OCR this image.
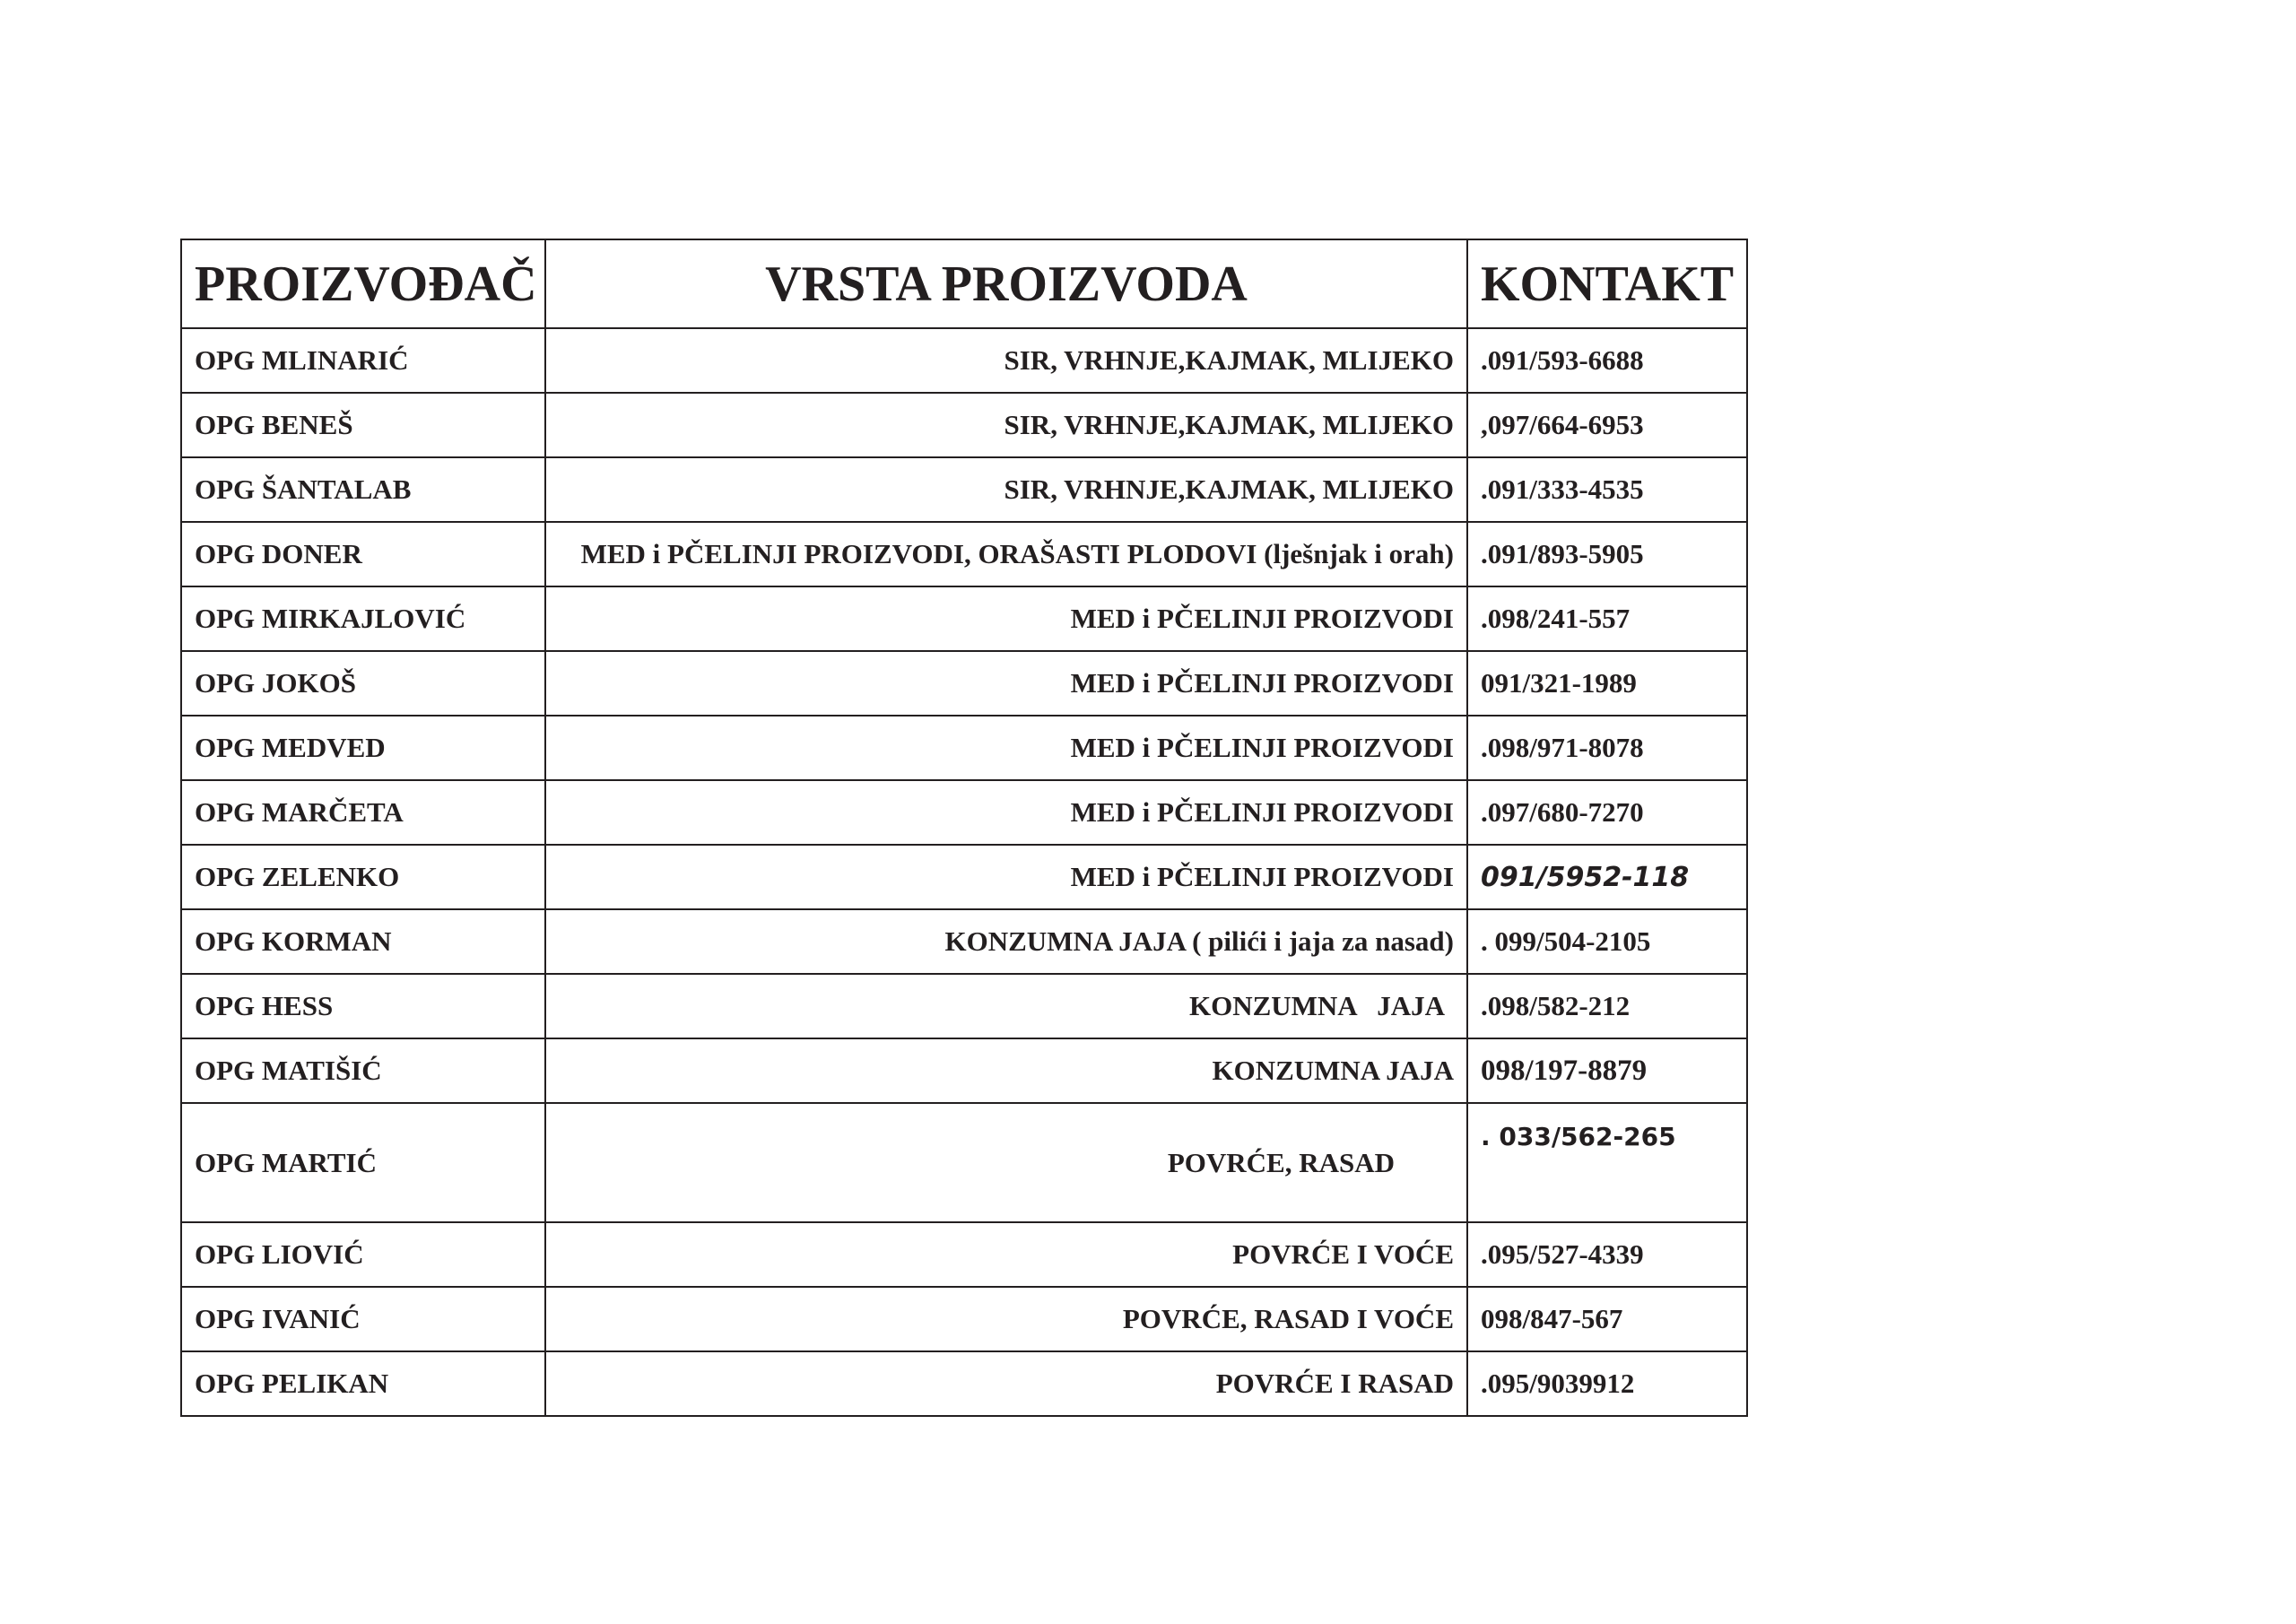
PROIZVOĐAČ	VRSTA PROIZVODA	KONTAKT
OPG MLINARIĆ	SIR, VRHNJE,KAJMAK, MLIJEKO	.091/593-6688
OPG BENEŠ	SIR, VRHNJE,KAJMAK, MLIJEKO	,097/664-6953
OPG ŠANTALAB	SIR, VRHNJE,KAJMAK, MLIJEKO	.091/333-4535
OPG DONER	MED i PČELINJI PROIZVODI, ORAŠASTI PLODOVI (lješnjak i orah)	.091/893-5905
OPG MIRKAJLOVIĆ	MED i PČELINJI PROIZVODI	.098/241-557
OPG JOKOŠ	MED i PČELINJI PROIZVODI	091/321-1989
OPG MEDVED	MED i PČELINJI PROIZVODI	.098/971-8078
OPG MARČETA	MED i PČELINJI PROIZVODI	.097/680-7270
OPG ZELENKO	MED i PČELINJI PROIZVODI	091/5952-118
OPG KORMAN	KONZUMNA JAJA ( pilići i jaja za nasad)	. 099/504-2105
OPG HESS	KONZUMNA   JAJA	.098/582-212
OPG MATIŠIĆ	KONZUMNA JAJA	098/197-8879
OPG MARTIĆ	POVRĆE, RASAD	. 033/562-265
OPG LIOVIĆ	POVRĆE I VOĆE	.095/527-4339
OPG IVANIĆ	POVRĆE, RASAD I VOĆE	098/847-567
OPG PELIKAN	POVRĆE I RASAD	.095/9039912
